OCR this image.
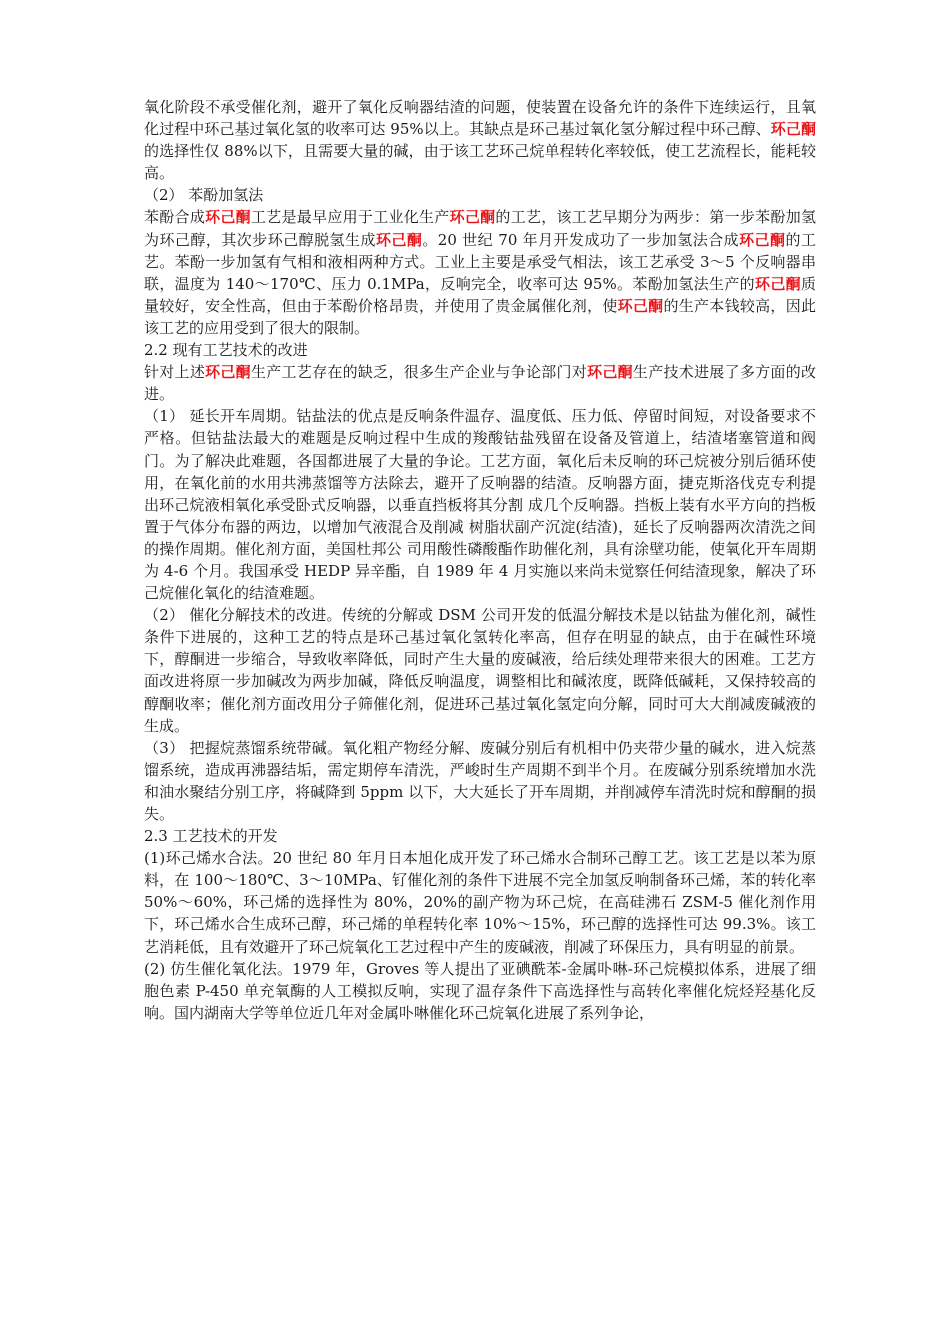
氧化阶段不承受催化剂，避开了氧化反响器结渣的问题，使装置在设备允许的条件下连续运行，且氧化过程中环己基过氧化氢的收率可达 95%以上。其缺点是环己基过氧化氢分解过程中环己醇、环己酮的选择性仅 88%以下，且需要大量的碱，由于该工艺环己烷单程转化率较低，使工艺流程长，能耗较高。

（2） 苯酚加氢法

苯酚合成环己酮工艺是最早应用于工业化生产环己酮的工艺，该工艺早期分为两步：第一步苯酚加氢为环己醇，其次步环己醇脱氢生成环己酮。20 世纪 70 年月开发成功了一步加氢法合成环己酮的工艺。苯酚一步加氢有气相和液相两种方式。工业上主要是承受气相法，该工艺承受 3～5 个反响器串联，温度为 140～170℃、压力 0.1MPa，反响完全，收率可达 95%。苯酚加氢法生产的环己酮质量较好，安全性高，但由于苯酚价格昂贵，并使用了贵金属催化剂，使环己酮的生产本钱较高，因此该工艺的应用受到了很大的限制。

2.2 现有工艺技术的改进

针对上述环己酮生产工艺存在的缺乏，很多生产企业与争论部门对环己酮生产技术进展了多方面的改进。

（1） 延长开车周期。钴盐法的优点是反响条件温存、温度低、压力低、停留时间短，对设备要求不严格。但钴盐法最大的难题是反响过程中生成的羧酸钴盐残留在设备及管道上，结渣堵塞管道和阀门。为了解决此难题，各国都进展了大量的争论。工艺方面，氧化后未反响的环己烷被分别后循环使用，在氧化前的水用共沸蒸馏等方法除去，避开了反响器的结渣。反响器方面，捷克斯洛伐克专利提出环己烷液相氧化承受卧式反响器，以垂直挡板将其分割 成几个反响器。挡板上装有水平方向的挡板置于气体分布器的两边，以增加气液混合及削减 树脂状副产沉淀(结渣)，延长了反响器两次清洗之间的操作周期。催化剂方面，美国杜邦公 司用酸性磷酸酯作助催化剂，具有涂壁功能，使氧化开车周期为 4-6 个月。我国承受 HEDP 异辛酯，自 1989 年 4 月实施以来尚未觉察任何结渣现象，解决了环己烷催化氧化的结渣难题。

（2） 催化分解技术的改进。传统的分解或 DSM 公司开发的低温分解技术是以钴盐为催化剂，碱性条件下进展的，这种工艺的特点是环己基过氧化氢转化率高，但存在明显的缺点，由于在碱性环境下，醇酮进一步缩合，导致收率降低，同时产生大量的废碱液，给后续处理带来很大的困难。工艺方面改进将原一步加碱改为两步加碱，降低反响温度，调整相比和碱浓度，既降低碱耗，又保持较高的醇酮收率；催化剂方面改用分子筛催化剂，促进环己基过氧化氢定向分解，同时可大大削减废碱液的生成。

（3） 把握烷蒸馏系统带碱。氧化粗产物经分解、废碱分别后有机相中仍夹带少量的碱水，进入烷蒸馏系统，造成再沸器结垢，需定期停车清洗，严峻时生产周期不到半个月。在废碱分别系统增加水洗和油水聚结分别工序，将碱降到 5ppm 以下，大大延长了开车周期，并削减停车清洗时烷和醇酮的损失。

2.3 工艺技术的开发

(1)环己烯水合法。20 世纪 80 年月日本旭化成开发了环己烯水合制环己醇工艺。该工艺是以苯为原料，在 100～180℃、3～10MPa、钌催化剂的条件下进展不完全加氢反响制备环己烯，苯的转化率 50%～60%，环己烯的选择性为 80%，20%的副产物为环己烷，在高硅沸石 ZSM-5 催化剂作用下，环己烯水合生成环己醇，环己烯的单程转化率 10%～15%，环己醇的选择性可达 99.3%。该工艺消耗低，且有效避开了环己烷氧化工艺过程中产生的废碱液，削减了环保压力，具有明显的前景。

(2) 仿生催化氧化法。1979 年，Groves 等人提出了亚碘酰苯-金属卟啉-环己烷模拟体系，进展了细胞色素 P-450 单充氧酶的人工模拟反响，实现了温存条件下高选择性与高转化率催化烷烃羟基化反响。国内湖南大学等单位近几年对金属卟啉催化环己烷氧化进展了系列争论，
